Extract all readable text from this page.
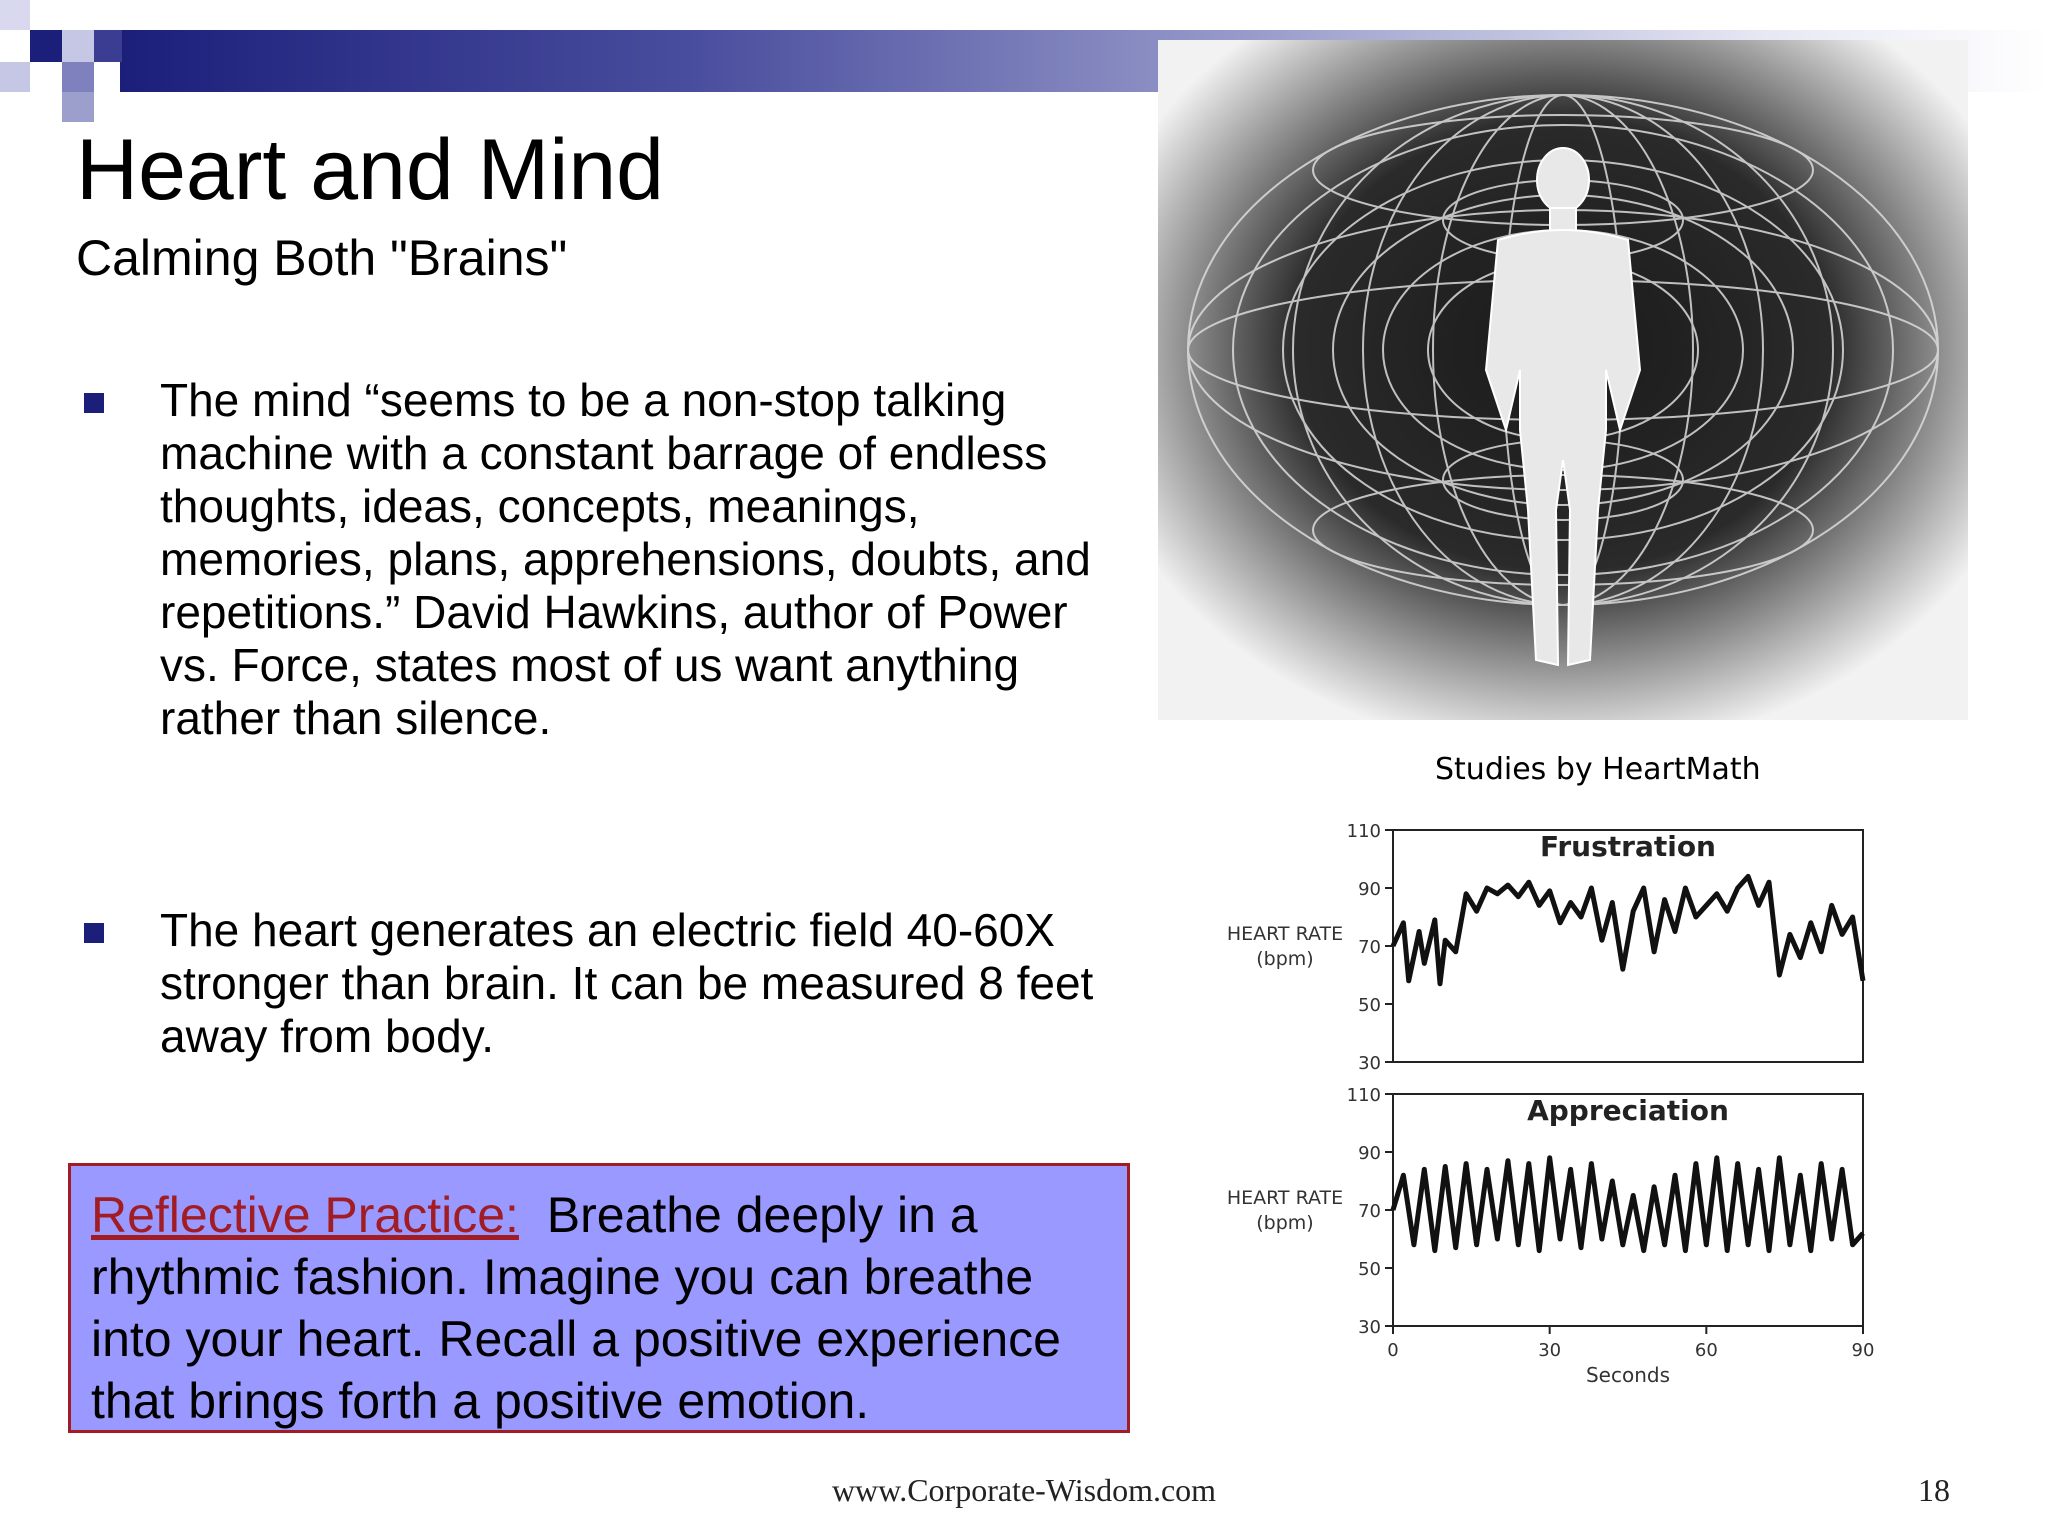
Heart and Mind
Calming Both "Brains"
The mind “seems to be a non-stop talking machine with a constant barrage of endless thoughts, ideas, concepts, meanings, memories, plans, apprehensions, doubts, and repetitions.” David Hawkins, author of Power vs. Force, states most of us want anything rather than silence.
The heart generates an electric field 40-60X stronger than brain. It can be measured 8 feet away from body.
Reflective Practice: Breathe deeply in a rhythmic fashion. Imagine you can breathe into your heart. Recall a positive experience that brings forth a positive emotion.
Studies by HeartMath
Frustration
110
90
70
50
30
HEART RATE
(bpm)
Appreciation
110
90
70
50
30
HEART RATE
(bpm)
0	30	60	90
Seconds
www.Corporate-Wisdom.com	18
